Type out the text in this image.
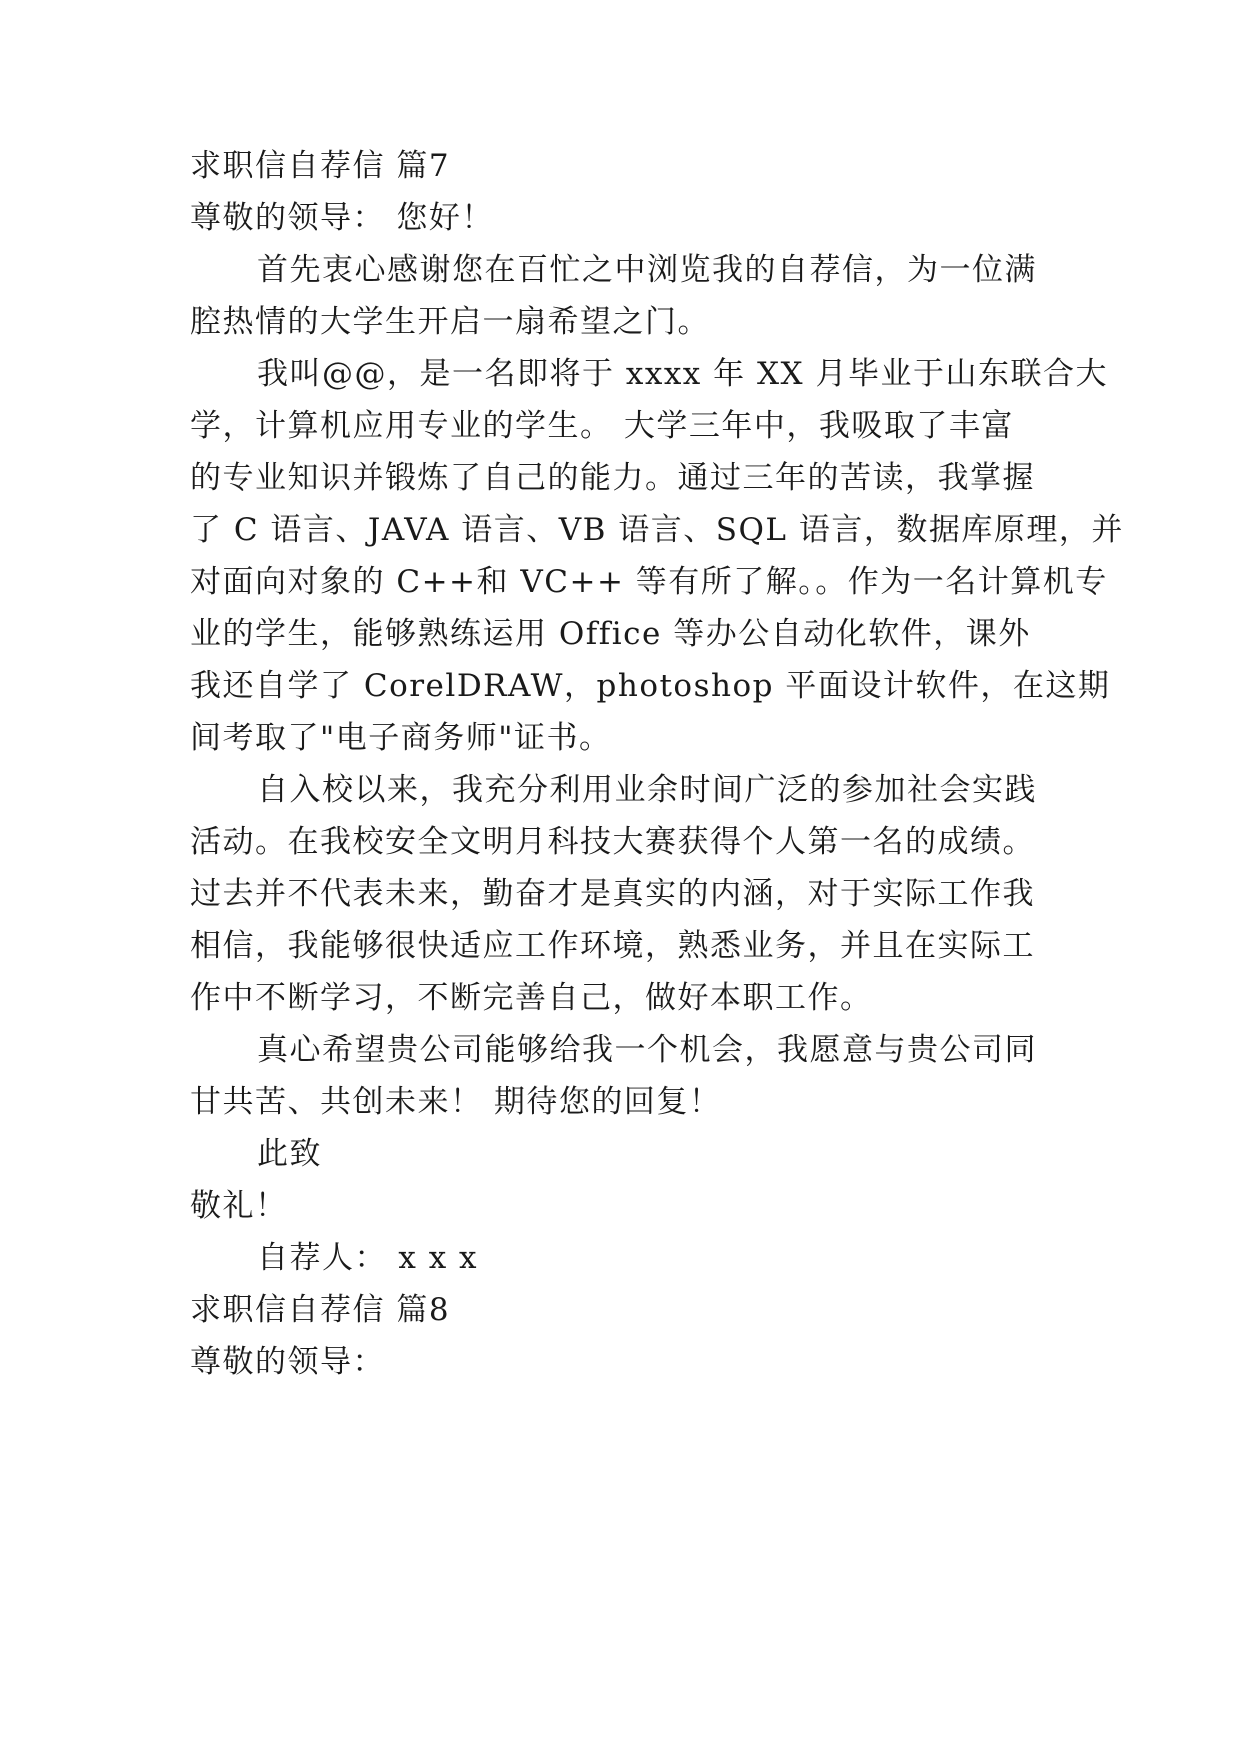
求职信自荐信 篇7
尊敬的领导： 您好！
首先衷心感谢您在百忙之中浏览我的自荐信，为一位满
腔热情的大学生开启一扇希望之门。
我叫@@，是一名即将于 xxxx 年 XX 月毕业于山东联合大
学，计算机应用专业的学生。 大学三年中，我吸取了丰富
的专业知识并锻炼了自己的能力。通过三年的苦读，我掌握
了 C 语言、JAVA 语言、VB 语言、SQL 语言，数据库原理，并
对面向对象的 C++和 VC++ 等有所了解。。作为一名计算机专
业的学生，能够熟练运用 Office 等办公自动化软件，课外
我还自学了 CorelDRAW，photoshop 平面设计软件，在这期
间考取了"电子商务师"证书。
自入校以来，我充分利用业余时间广泛的参加社会实践
活动。在我校安全文明月科技大赛获得个人第一名的成绩。
过去并不代表未来，勤奋才是真实的内涵，对于实际工作我
相信，我能够很快适应工作环境，熟悉业务，并且在实际工
作中不断学习，不断完善自己，做好本职工作。
真心希望贵公司能够给我一个机会，我愿意与贵公司同
甘共苦、共创未来！ 期待您的回复！
此致
敬礼！
自荐人： x x x
求职信自荐信 篇8
尊敬的领导：
